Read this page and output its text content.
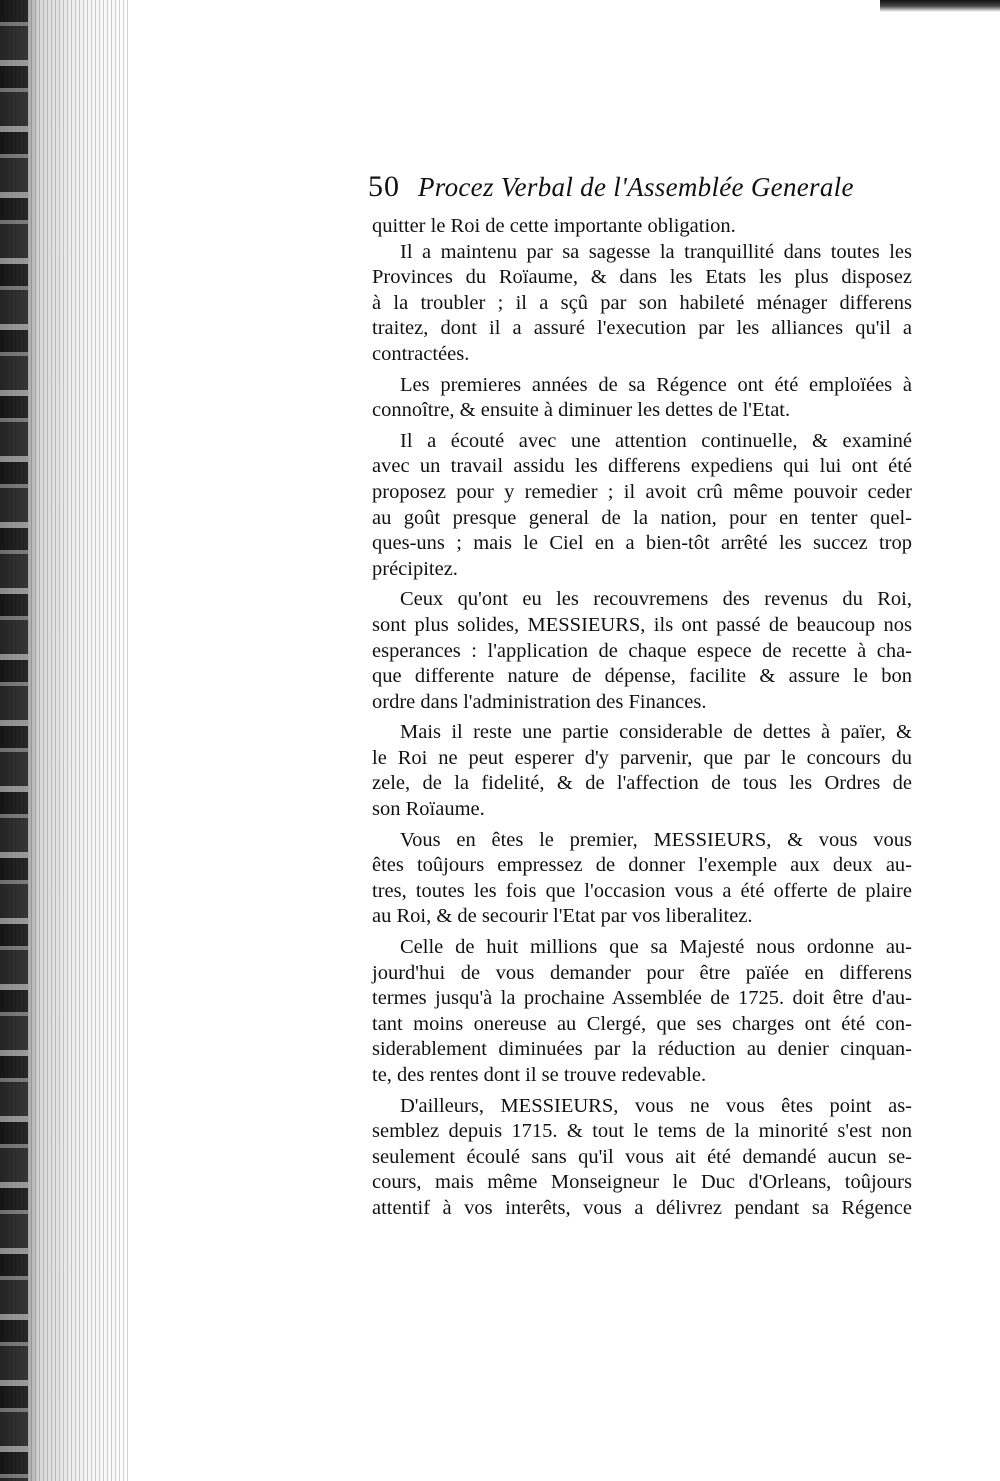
50 Procez Verbal de l'Assemblée Generale
quitter le Roi de cette importante obligation.
Il a maintenu par sa sagesse la tranquillité dans toutes les
Provinces du Roïaume, & dans les Etats les plus disposez
à la troubler ; il a sçû par son habileté ménager differens
traitez, dont il a assuré l'execution par les alliances qu'il a
contractées.
Les premieres années de sa Régence ont été emploïées à
connoître, & ensuite à diminuer les dettes de l'Etat.
Il a écouté avec une attention continuelle, & examiné
avec un travail assidu les differens expediens qui lui ont été
proposez pour y remedier ; il avoit crû même pouvoir ceder
au goût presque general de la nation, pour en tenter quel-
ques-uns ; mais le Ciel en a bien-tôt arrêté les succez trop
précipitez.
Ceux qu'ont eu les recouvremens des revenus du Roi,
sont plus solides, MESSIEURS, ils ont passé de beaucoup nos
esperances : l'application de chaque espece de recette à cha-
que differente nature de dépense, facilite & assure le bon
ordre dans l'administration des Finances.
Mais il reste une partie considerable de dettes à païer, &
le Roi ne peut esperer d'y parvenir, que par le concours du
zele, de la fidelité, & de l'affection de tous les Ordres de
son Roïaume.
Vous en êtes le premier, MESSIEURS, & vous vous
êtes toûjours empressez de donner l'exemple aux deux au-
tres, toutes les fois que l'occasion vous a été offerte de plaire
au Roi, & de secourir l'Etat par vos liberalitez.
Celle de huit millions que sa Majesté nous ordonne au-
jourd'hui de vous demander pour être païée en differens
termes jusqu'à la prochaine Assemblée de 1725. doit être d'au-
tant moins onereuse au Clergé, que ses charges ont été con-
siderablement diminuées par la réduction au denier cinquan-
te, des rentes dont il se trouve redevable.
D'ailleurs, MESSIEURS, vous ne vous êtes point as-
semblez depuis 1715. & tout le tems de la minorité s'est non
seulement écoulé sans qu'il vous ait été demandé aucun se-
cours, mais même Monseigneur le Duc d'Orleans, toûjours
attentif à vos interêts, vous a délivrez pendant sa Régence
